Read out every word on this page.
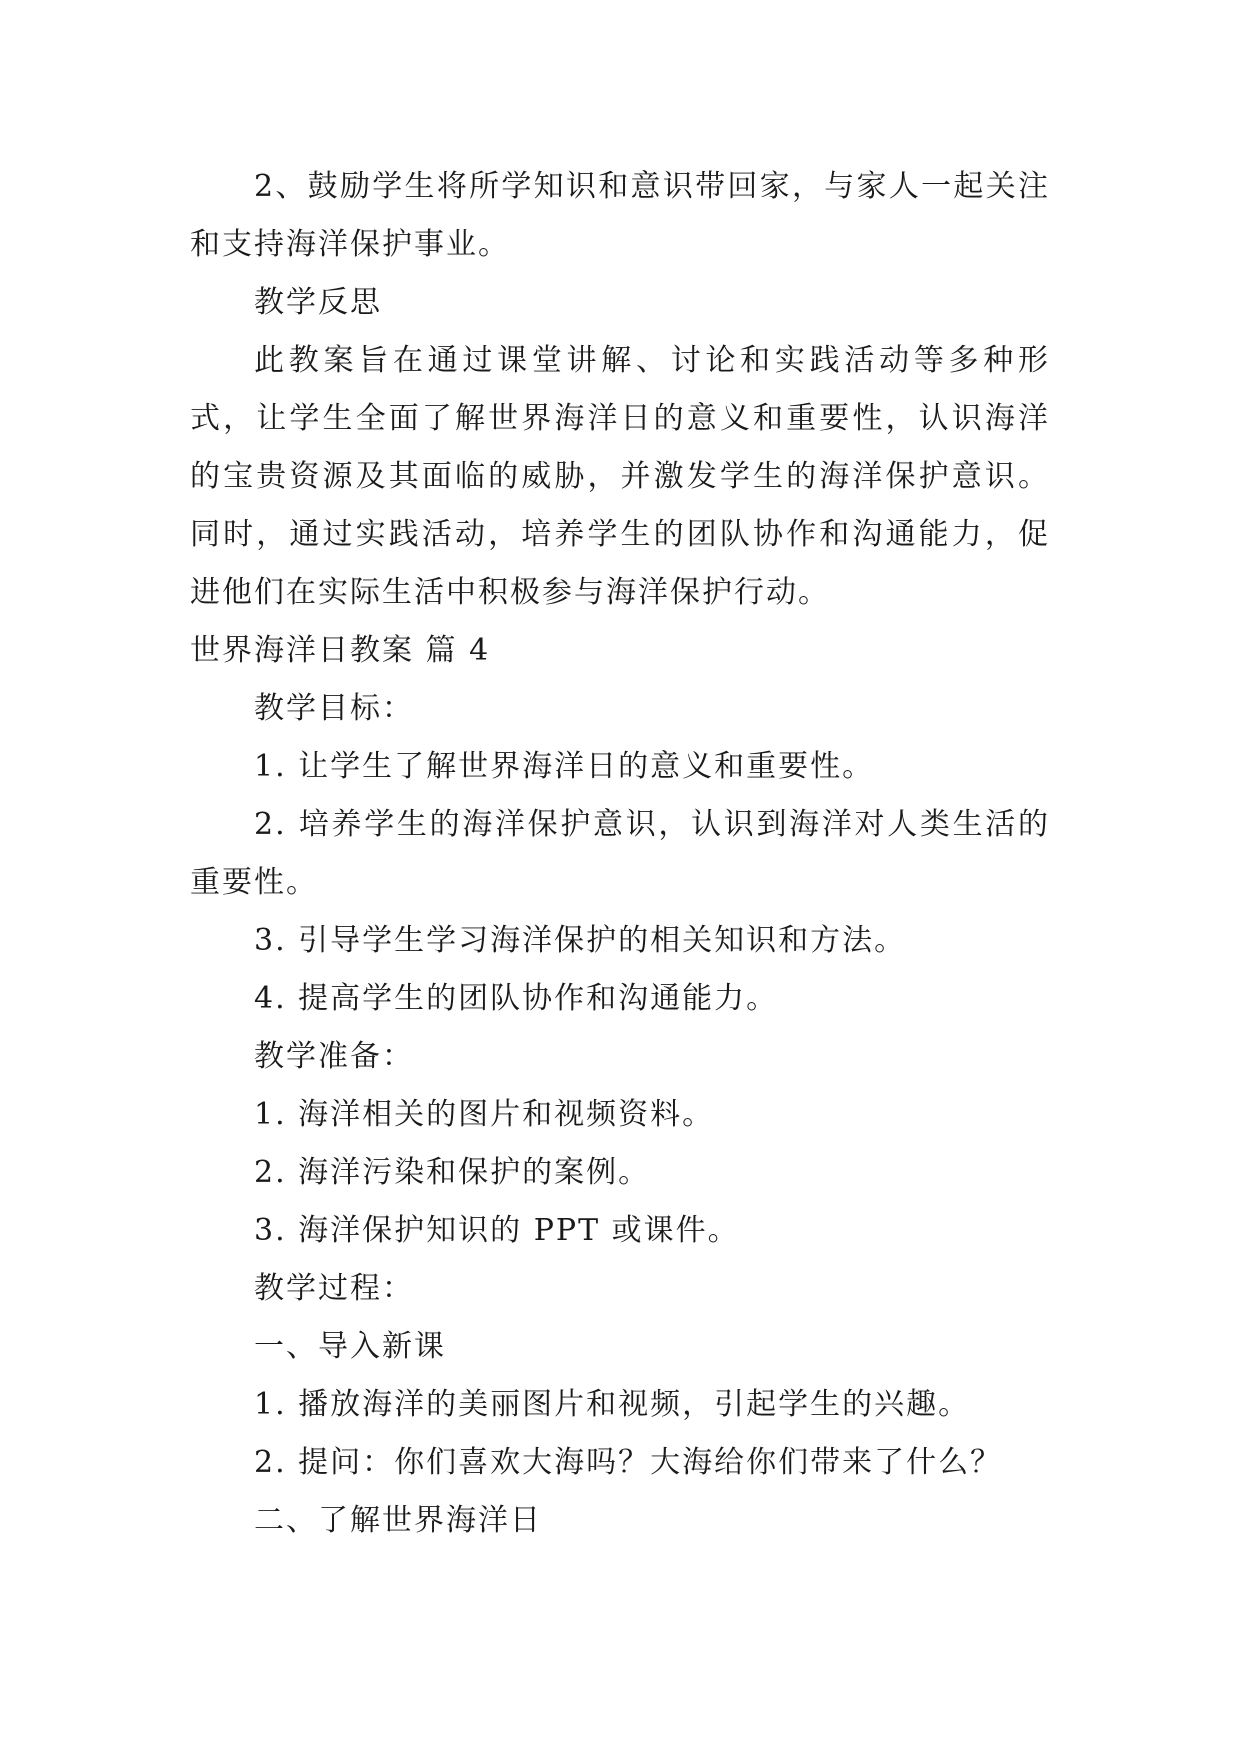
2、鼓励学生将所学知识和意识带回家，与家人一起关注和支持海洋保护事业。

教学反思

此教案旨在通过课堂讲解、讨论和实践活动等多种形式，让学生全面了解世界海洋日的意义和重要性，认识海洋的宝贵资源及其面临的威胁，并激发学生的海洋保护意识。同时，通过实践活动，培养学生的团队协作和沟通能力，促进他们在实际生活中积极参与海洋保护行动。

世界海洋日教案 篇 4

教学目标：

1. 让学生了解世界海洋日的意义和重要性。

2. 培养学生的海洋保护意识，认识到海洋对人类生活的重要性。

3. 引导学生学习海洋保护的相关知识和方法。

4. 提高学生的团队协作和沟通能力。

教学准备：

1. 海洋相关的图片和视频资料。

2. 海洋污染和保护的案例。

3. 海洋保护知识的 PPT 或课件。

教学过程：

一、导入新课

1. 播放海洋的美丽图片和视频，引起学生的兴趣。

2. 提问：你们喜欢大海吗？大海给你们带来了什么？

二、了解世界海洋日
